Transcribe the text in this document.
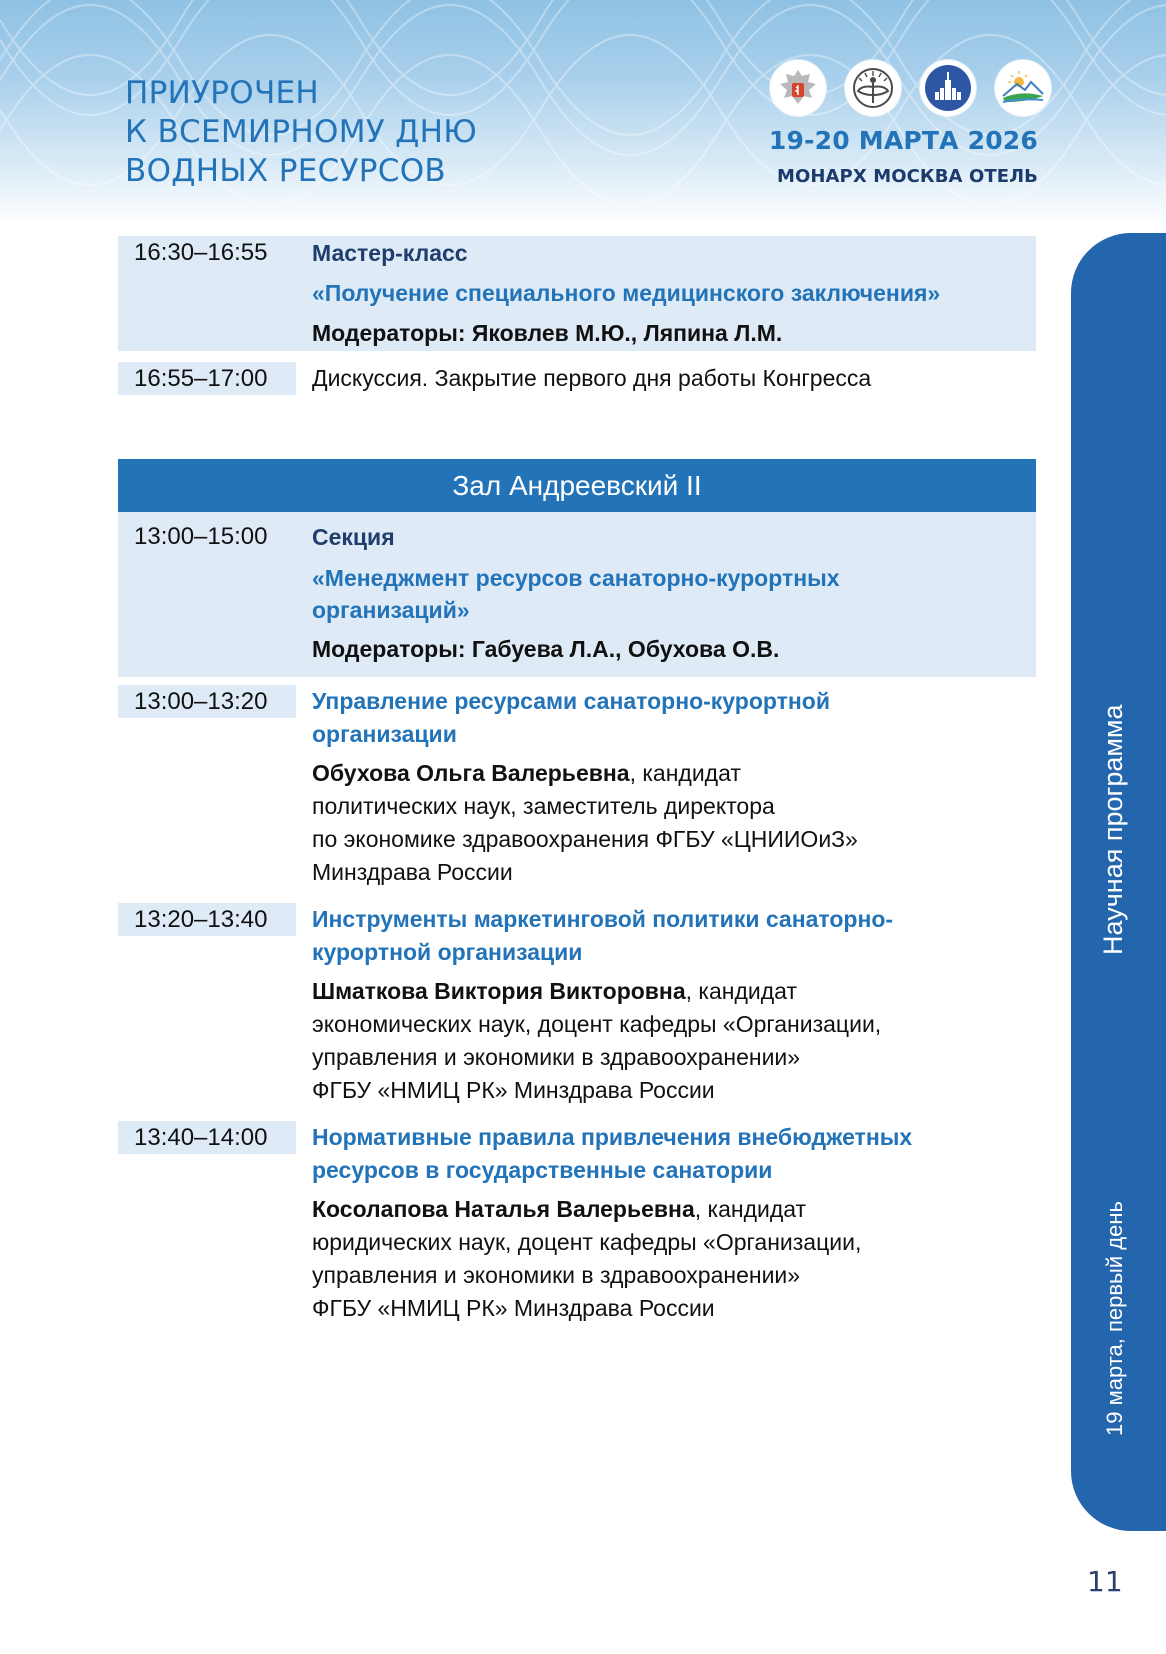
ПРИУРОЧЕН
К ВСЕМИРНОМУ ДНЮ
ВОДНЫХ РЕСУРСОВ
19-20 МАРТА 2026
МОНАРХ МОСКВА ОТЕЛЬ
16:30–16:55	Мастер-класс
«Получение специального медицинского заключения»
Модераторы: Яковлев М.Ю., Ляпина Л.М.
16:55–17:00	Дискуссия. Закрытие первого дня работы Конгресса
Зал Андреевский II
13:00–15:00	Секция
«Менеджмент ресурсов санаторно-курортных
организаций»
Модераторы: Габуева Л.А., Обухова О.В.
13:00–13:20	Управление ресурсами санаторно-курортной
организации
Обухова Ольга Валерьевна, кандидат
политических наук, заместитель директора
по экономике здравоохранения ФГБУ «ЦНИИОиЗ»
Минздрава России
13:20–13:40	Инструменты маркетинговой политики санаторно-
курортной организации
Шматкова Виктория Викторовна, кандидат
экономических наук, доцент кафедры «Организации,
управления и экономики в здравоохранении»
ФГБУ «НМИЦ РК» Минздрава России
13:40–14:00	Нормативные правила привлечения внебюджетных
ресурсов в государственные санатории
Косолапова Наталья Валерьевна, кандидат
юридических наук, доцент кафедры «Организации,
управления и экономики в здравоохранении»
ФГБУ «НМИЦ РК» Минздрава России
Научная программа
19 марта, первый день
11
